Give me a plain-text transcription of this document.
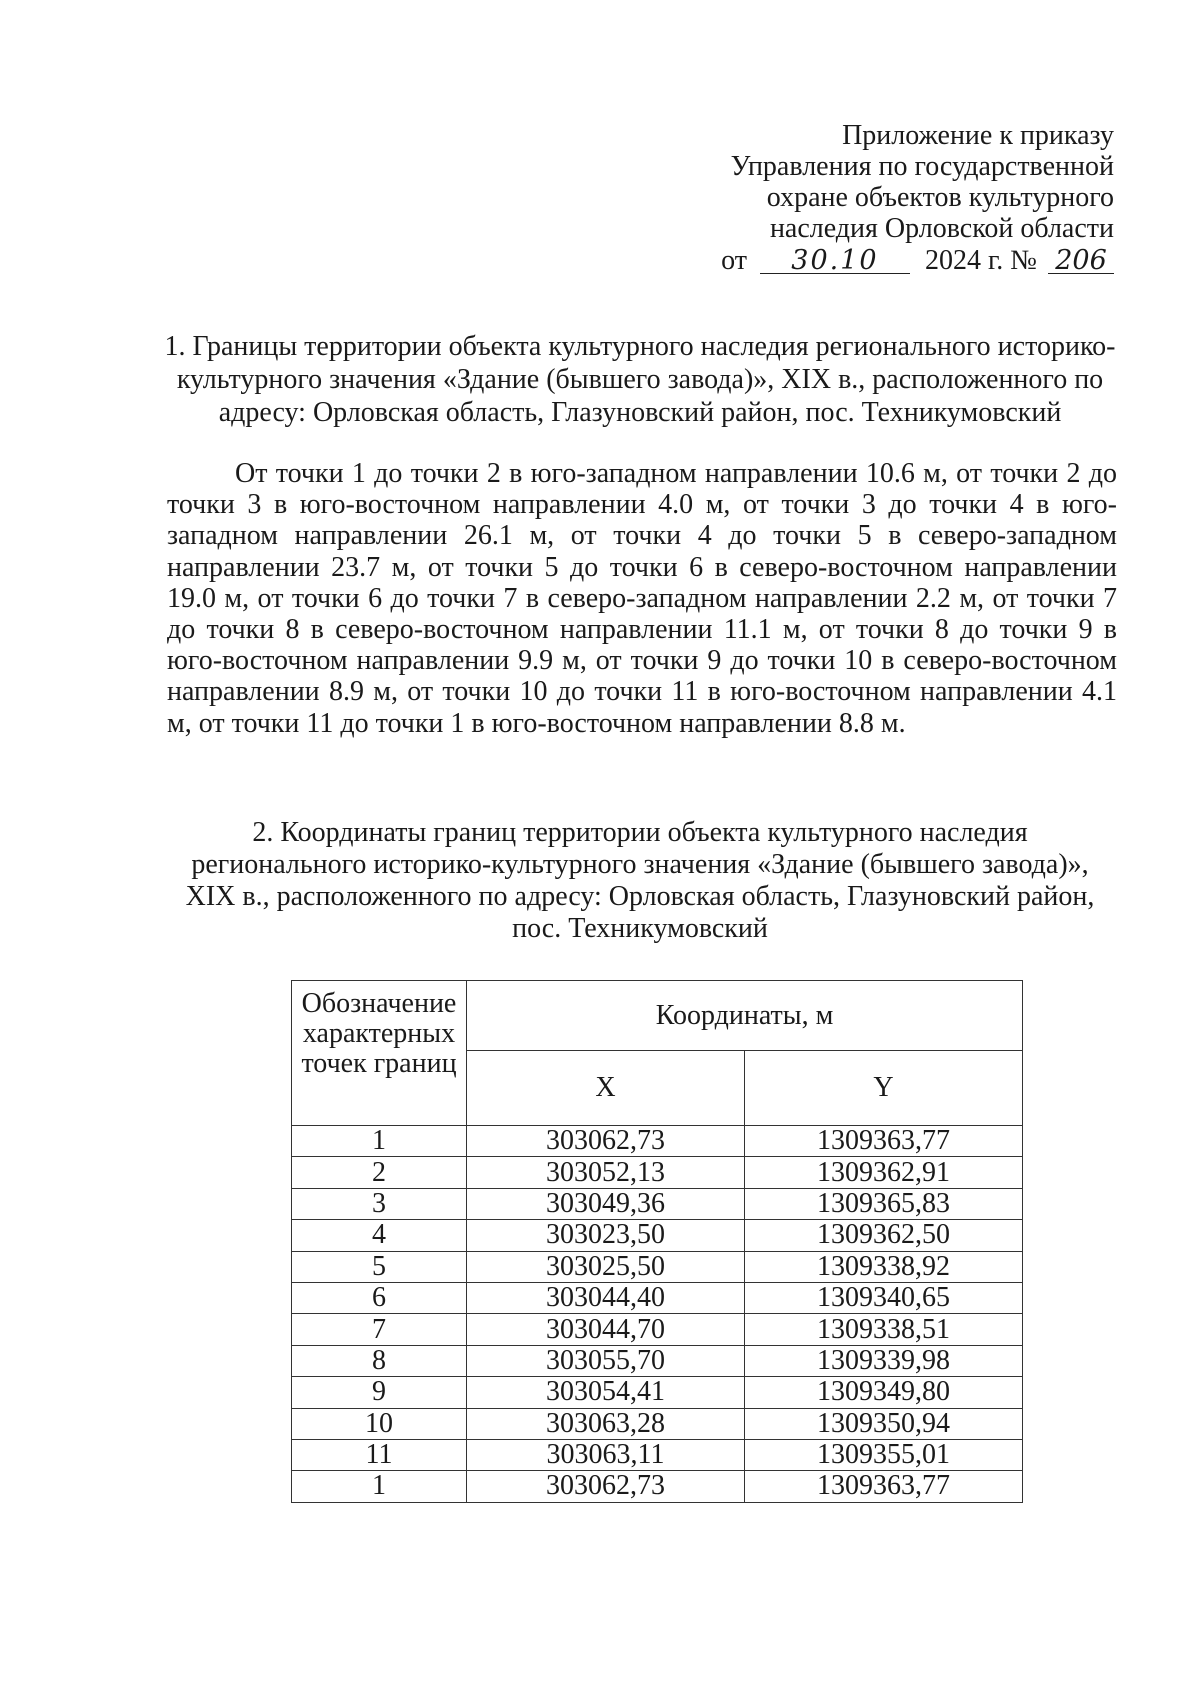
Приложение к приказу
Управления по государственной
охране объектов культурного
наследия Орловской области
от 30.10 2024 г. № 206
1. Границы территории объекта культурного наследия регионального историко-культурного значения «Здание (бывшего завода)», XIX в., расположенного по адресу: Орловская область, Глазуновский район, пос. Техникумовский
От точки 1 до точки 2 в юго-западном направлении 10.6 м, от точки 2 до точки 3 в юго-восточном направлении 4.0 м, от точки 3 до точки 4 в юго-западном направлении 26.1 м, от точки 4 до точки 5 в северо-западном направлении 23.7 м, от точки 5 до точки 6 в северо-восточном направлении 19.0 м, от точки 6 до точки 7 в северо-западном направлении 2.2 м, от точки 7 до точки 8 в северо-восточном направлении 11.1 м, от точки 8 до точки 9 в юго-восточном направлении 9.9 м, от точки 9 до точки 10 в северо-восточном направлении 8.9 м, от точки 10 до точки 11 в юго-восточном направлении 4.1 м, от точки 11 до точки 1 в юго-восточном направлении 8.8 м.
2. Координаты границ территории объекта культурного наследия регионального историко-культурного значения «Здание (бывшего завода)», XIX в., расположенного по адресу: Орловская область, Глазуновский район, пос. Техникумовский
Обозначение характерных точек границ	Координаты, м	
	X	Y
1	303062,73	1309363,77
2	303052,13	1309362,91
3	303049,36	1309365,83
4	303023,50	1309362,50
5	303025,50	1309338,92
6	303044,40	1309340,65
7	303044,70	1309338,51
8	303055,70	1309339,98
9	303054,41	1309349,80
10	303063,28	1309350,94
11	303063,11	1309355,01
1	303062,73	1309363,77
